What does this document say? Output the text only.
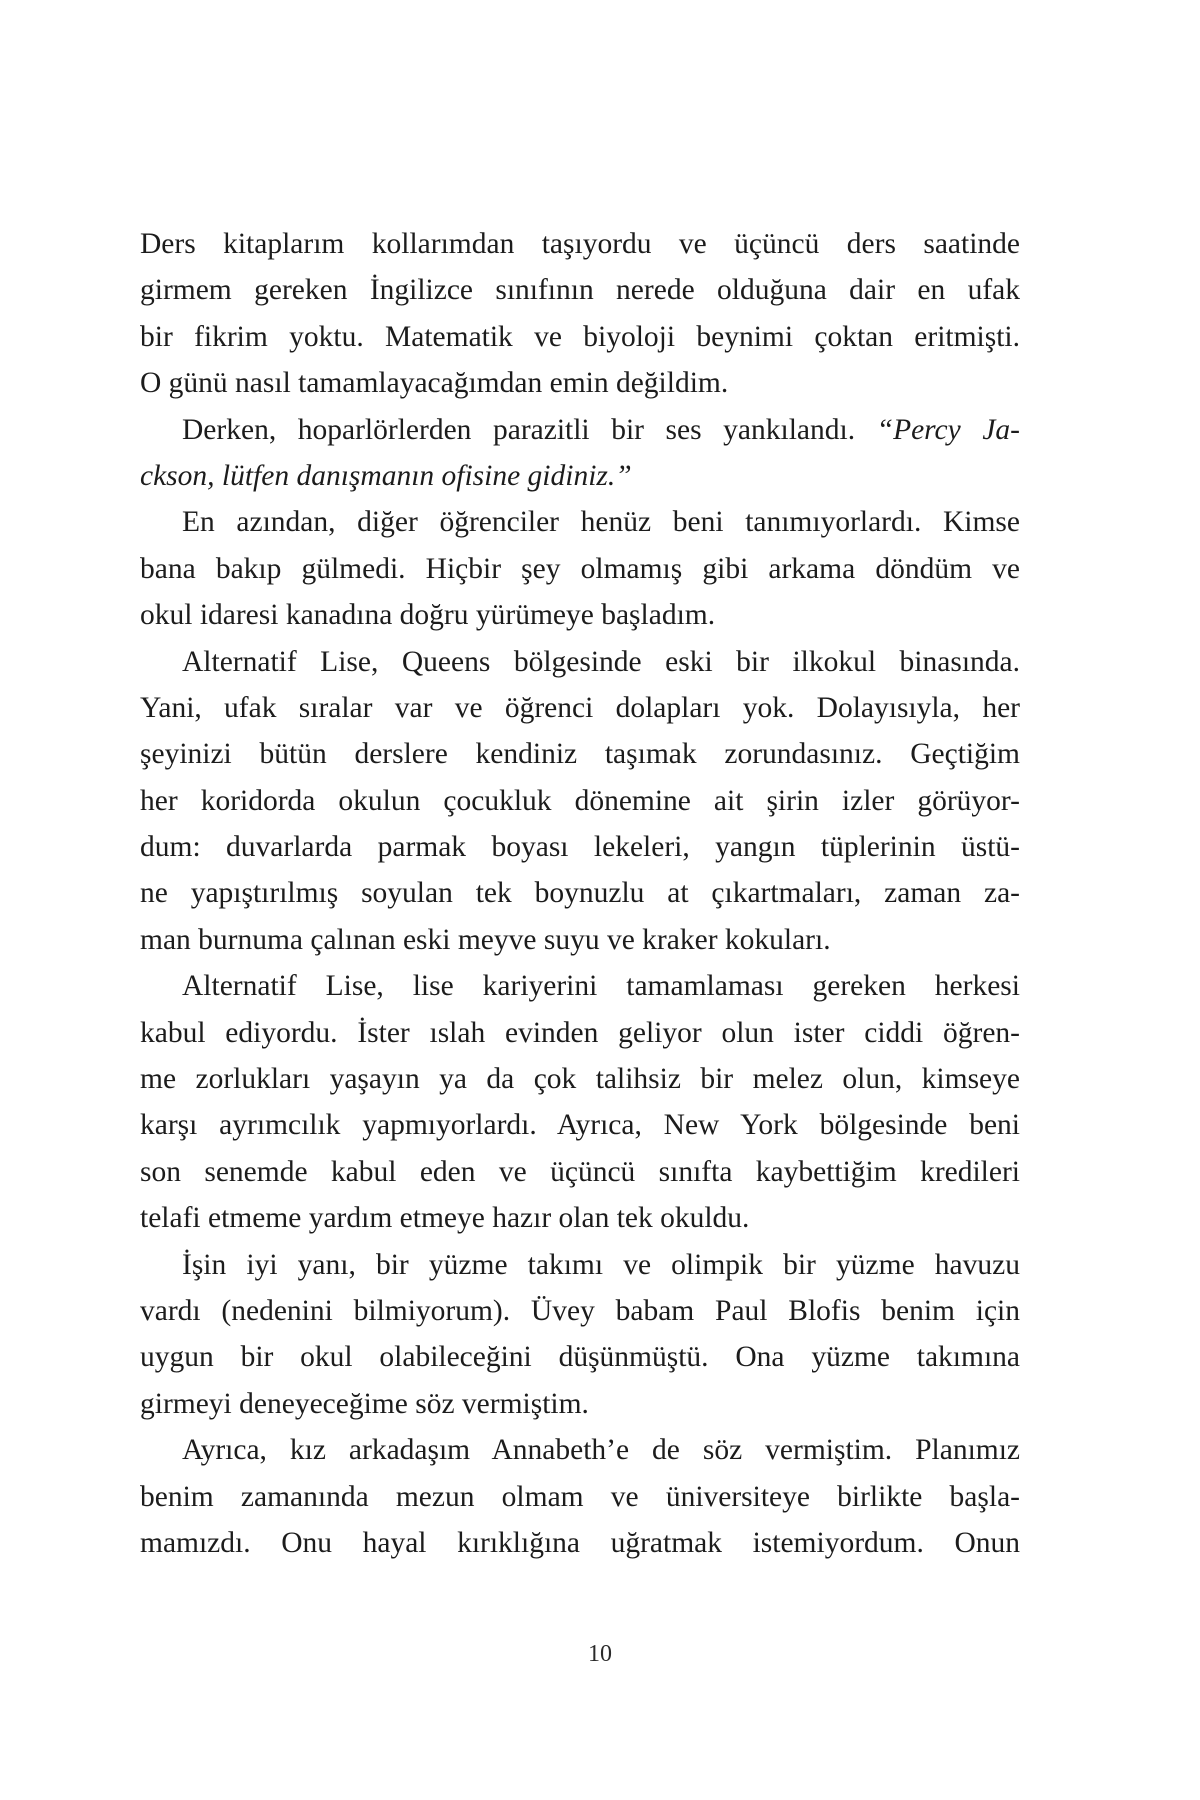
Ders kitaplarım kollarımdan taşıyordu ve üçüncü ders saatinde
girmem gereken İngilizce sınıfının nerede olduğuna dair en ufak
bir fikrim yoktu. Matematik ve biyoloji beynimi çoktan eritmişti.
O günü nasıl tamamlayacağımdan emin değildim.
Derken, hoparlörlerden parazitli bir ses yankılandı. “Percy Ja-
ckson, lütfen danışmanın ofisine gidiniz.”
En azından, diğer öğrenciler henüz beni tanımıyorlardı. Kimse
bana bakıp gülmedi. Hiçbir şey olmamış gibi arkama döndüm ve
okul idaresi kanadına doğru yürümeye başladım.
Alternatif Lise, Queens bölgesinde eski bir ilkokul binasında.
Yani, ufak sıralar var ve öğrenci dolapları yok. Dolayısıyla, her
şeyinizi bütün derslere kendiniz taşımak zorundasınız. Geçtiğim
her koridorda okulun çocukluk dönemine ait şirin izler görüyor-
dum: duvarlarda parmak boyası lekeleri, yangın tüplerinin üstü-
ne yapıştırılmış soyulan tek boynuzlu at çıkartmaları, zaman za-
man burnuma çalınan eski meyve suyu ve kraker kokuları.
Alternatif Lise, lise kariyerini tamamlaması gereken herkesi
kabul ediyordu. İster ıslah evinden geliyor olun ister ciddi öğren-
me zorlukları yaşayın ya da çok talihsiz bir melez olun, kimseye
karşı ayrımcılık yapmıyorlardı. Ayrıca, New York bölgesinde beni
son senemde kabul eden ve üçüncü sınıfta kaybettiğim kredileri
telafi etmeme yardım etmeye hazır olan tek okuldu.
İşin iyi yanı, bir yüzme takımı ve olimpik bir yüzme havuzu
vardı (nedenini bilmiyorum). Üvey babam Paul Blofis benim için
uygun bir okul olabileceğini düşünmüştü. Ona yüzme takımına
girmeyi deneyeceğime söz vermiştim.
Ayrıca, kız arkadaşım Annabeth’e de söz vermiştim. Planımız
benim zamanında mezun olmam ve üniversiteye birlikte başla-
mamızdı. Onu hayal kırıklığına uğratmak istemiyordum. Onun
10
